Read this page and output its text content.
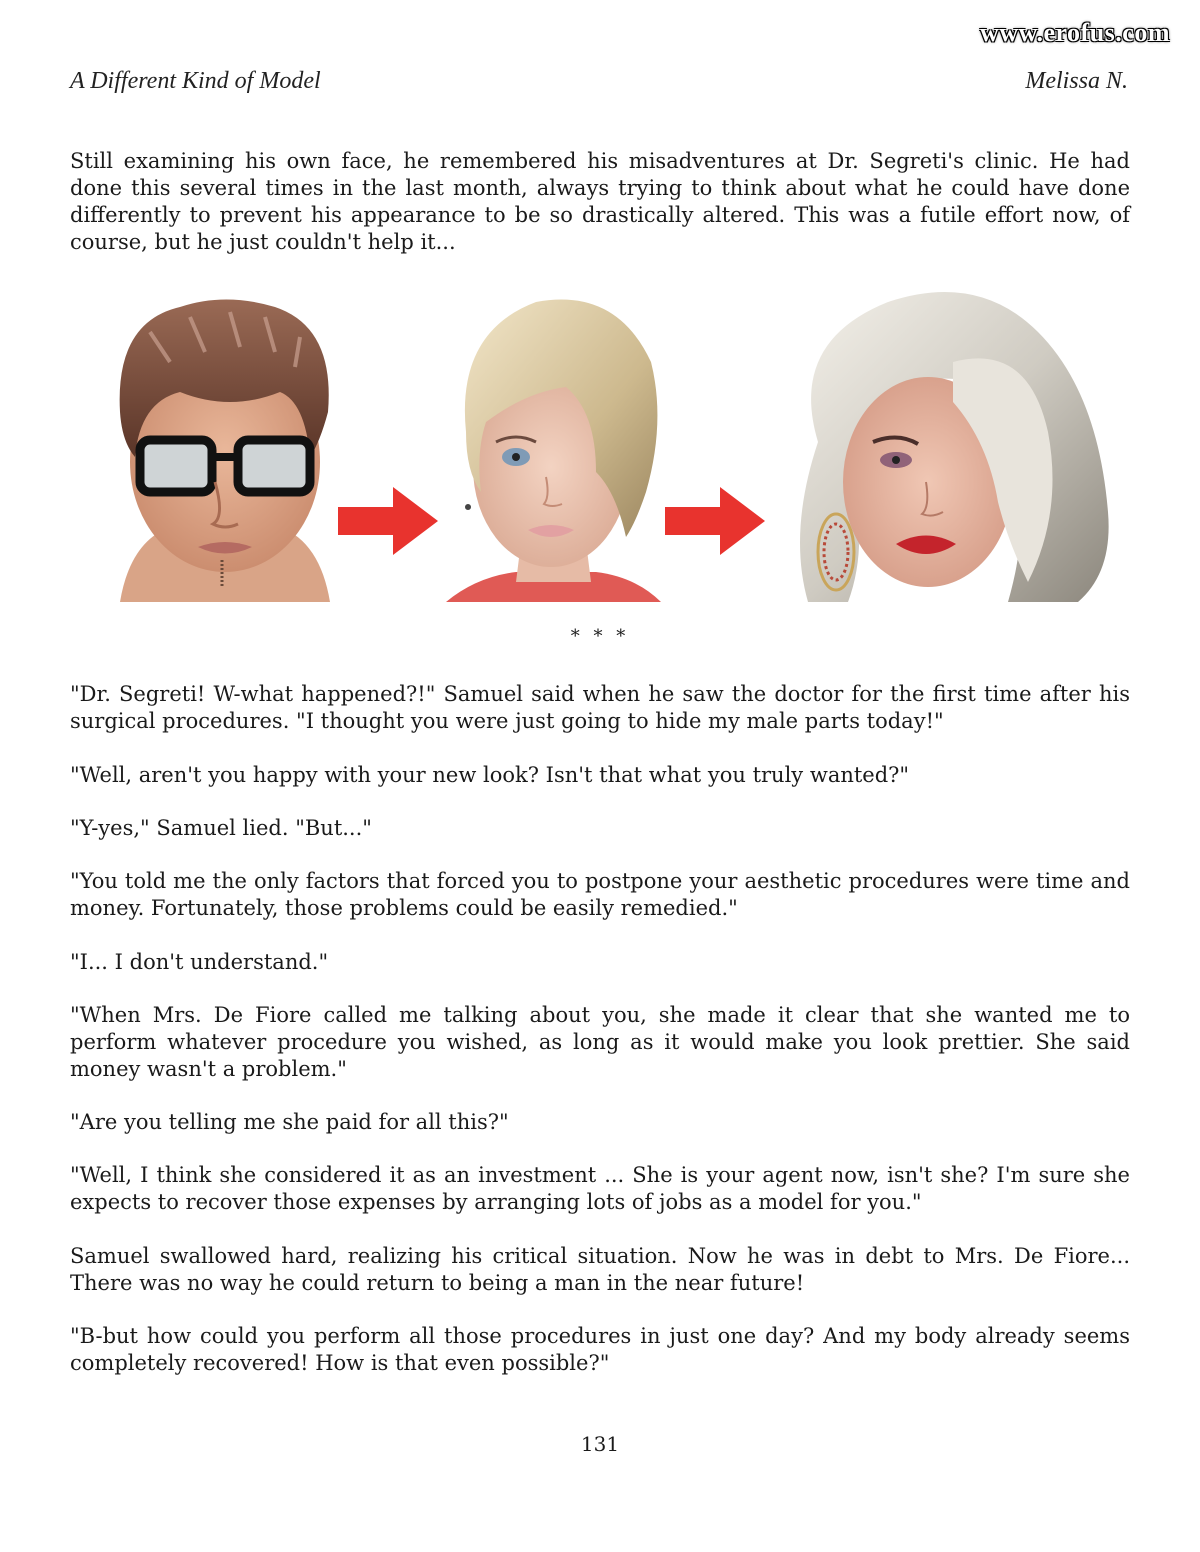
www.erofus.com
A Different Kind of Model	Melissa N.

Still examining his own face, he remembered his misadventures at Dr. Segreti's clinic. He had done this several times in the last month, always trying to think about what he could have done differently to prevent his appearance to be so drastically altered. This was a futile effort now, of course, but he just couldn't help it...

* * *

"Dr. Segreti! W-what happened?!" Samuel said when he saw the doctor for the first time after his surgical procedures. "I thought you were just going to hide my male parts today!"

"Well, aren't you happy with your new look? Isn't that what you truly wanted?"

"Y-yes," Samuel lied. "But..."

"You told me the only factors that forced you to postpone your aesthetic procedures were time and money. Fortunately, those problems could be easily remedied."

"I... I don't understand."

"When Mrs. De Fiore called me talking about you, she made it clear that she wanted me to perform whatever procedure you wished, as long as it would make you look prettier. She said money wasn't a problem."

"Are you telling me she paid for all this?"

"Well, I think she considered it as an investment ... She is your agent now, isn't she? I'm sure she expects to recover those expenses by arranging lots of jobs as a model for you."

Samuel swallowed hard, realizing his critical situation. Now he was in debt to Mrs. De Fiore... There was no way he could return to being a man in the near future!

"B-but how could you perform all those procedures in just one day? And my body already seems completely recovered! How is that even possible?"

131
